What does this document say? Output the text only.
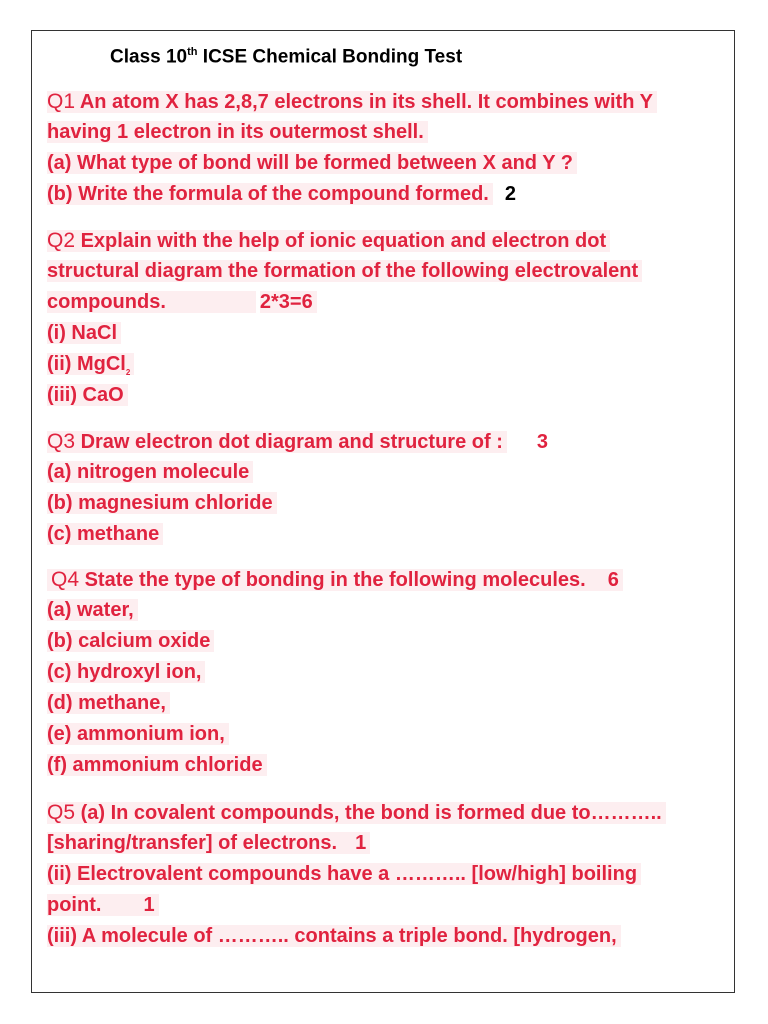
Class 10th ICSE Chemical Bonding Test
Q1 An atom X has 2,8,7 electrons in its shell. It combines with Y
having 1 electron in its outermost shell.
(a) What type of bond will be formed between X and Y ?
(b) Write the formula of the compound formed. 2
Q2 Explain with the help of ionic equation and electron dot
structural diagram the formation of the following electrovalent
compounds.	2*3=6
(i) NaCl
(ii) MgCl$_2$
(iii) CaO
Q3 Draw electron dot diagram and structure of : 3
(a) nitrogen molecule
(b) magnesium chloride
(c) methane
Q4 State the type of bonding in the following molecules. 6
(a) water,
(b) calcium oxide
(c) hydroxyl ion,
(d) methane,
(e) ammonium ion,
(f) ammonium chloride
Q5 (a) In covalent compounds, the bond is formed due to………..
[sharing/transfer] of electrons. 1
(ii) Electrovalent compounds have a ……….. [low/high] boiling
point. 1
(iii) A molecule of ……….. contains a triple bond. [hydrogen,
